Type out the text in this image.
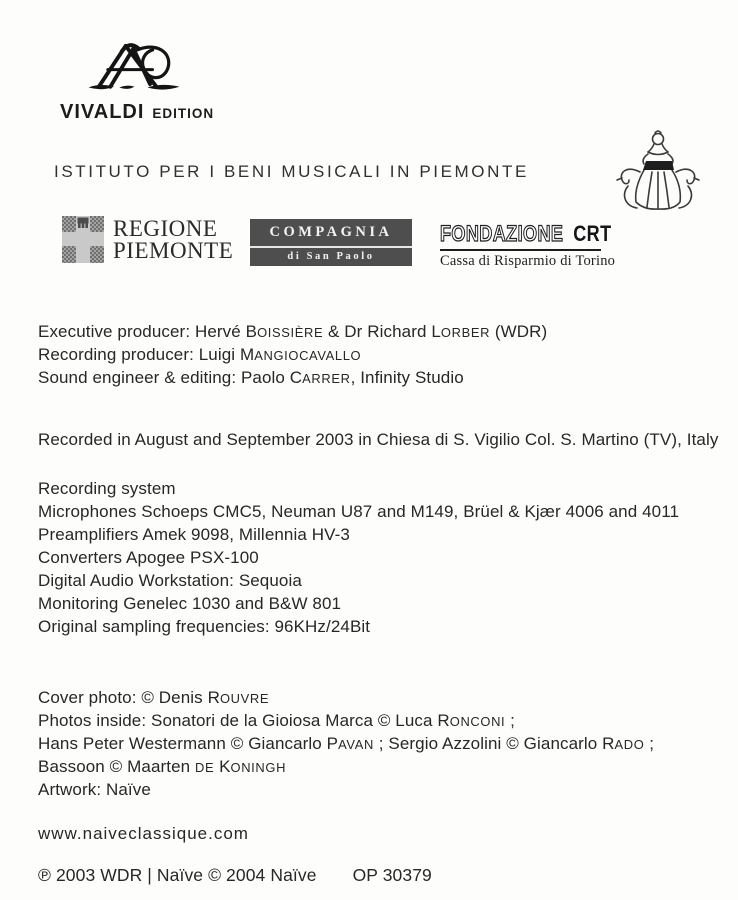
VIVALDI EDITION
ISTITUTO PER I BENI MUSICALI IN PIEMONTE
REGIONE
PIEMONTE
COMPAGNIA
di San Paolo
FONDAZIONE CRT
Cassa di Risparmio di Torino
Executive producer: Hervé BOISSIÈRE & Dr Richard LORBER (WDR)
Recording producer: Luigi MANGIOCAVALLO
Sound engineer & editing: Paolo CARRER, Infinity Studio
Recorded in August and September 2003 in Chiesa di S. Vigilio Col. S. Martino (TV), Italy
Recording system
Microphones Schoeps CMC5, Neuman U87 and M149, Brüel & Kjær 4006 and 4011
Preamplifiers Amek 9098, Millennia HV-3
Converters Apogee PSX-100
Digital Audio Workstation: Sequoia
Monitoring Genelec 1030 and B&W 801
Original sampling frequencies: 96KHz/24Bit
Cover photo: © Denis ROUVRE
Photos inside: Sonatori de la Gioiosa Marca © Luca RONCONI ;
Hans Peter Westermann © Giancarlo PAVAN ; Sergio Azzolini © Giancarlo RADO ;
Bassoon © Maarten DE KONINGH
Artwork: Naïve
www.naiveclassique.com
℗ 2003 WDR | Naïve © 2004 Naïve OP 30379
